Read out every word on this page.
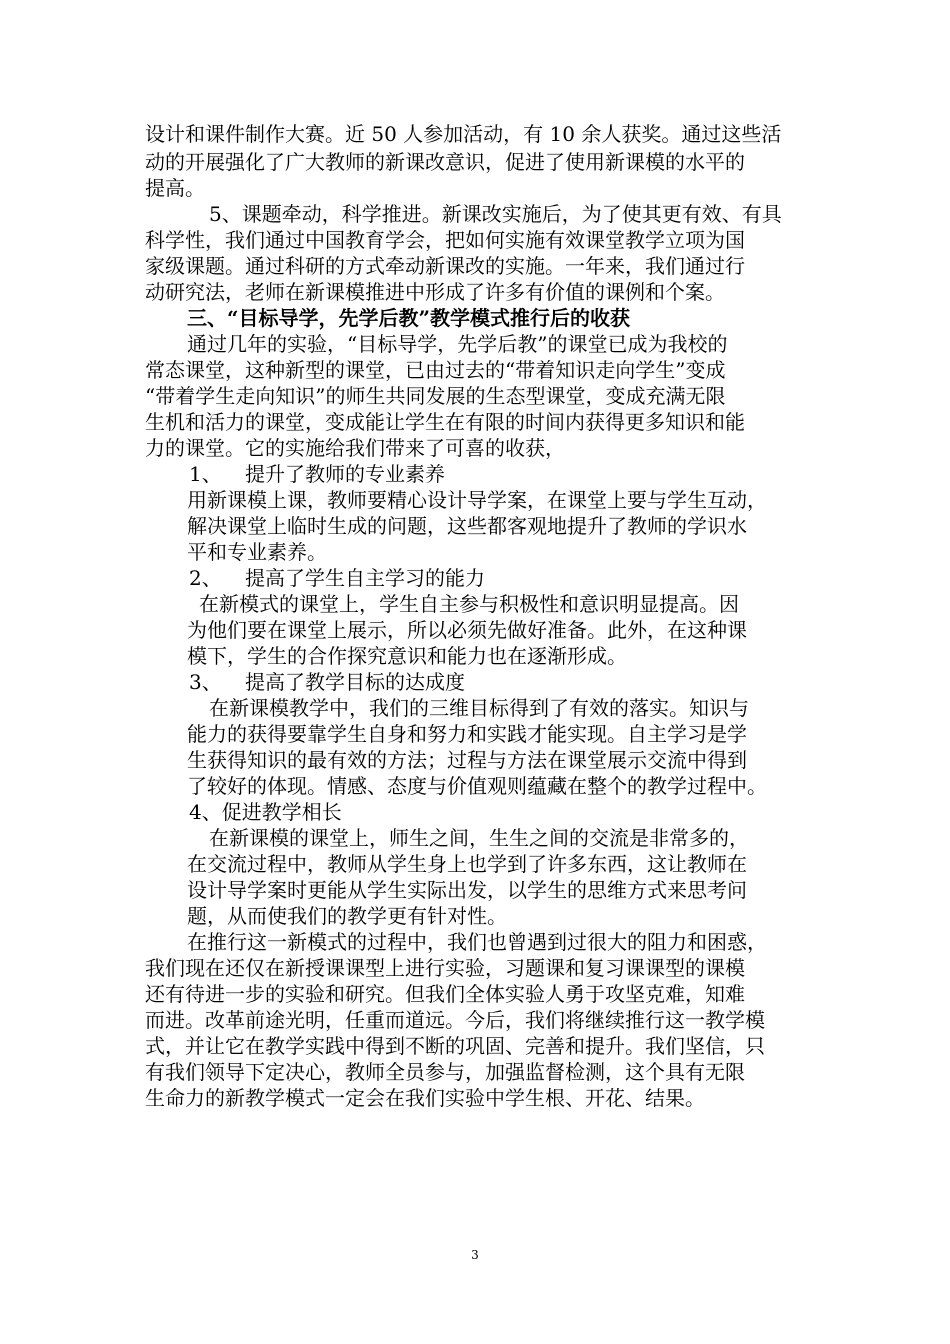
设计和课件制作大赛。近 50 人参加活动，有 10 余人获奖。通过这些活
动的开展强化了广大教师的新课改意识，促进了使用新课模的水平的
提高。
5、课题牵动，科学推进。新课改实施后，为了使其更有效、有具
科学性，我们通过中国教育学会，把如何实施有效课堂教学立项为国
家级课题。通过科研的方式牵动新课改的实施。一年来，我们通过行
动研究法，老师在新课模推进中形成了许多有价值的课例和个案。
三、“目标导学，先学后教”教学模式推行后的收获
通过几年的实验，“目标导学，先学后教”的课堂已成为我校的
常态课堂，这种新型的课堂，已由过去的“带着知识走向学生”变成
“带着学生走向知识”的师生共同发展的生态型课堂，变成充满无限
生机和活力的课堂，变成能让学生在有限的时间内获得更多知识和能
力的课堂。它的实施给我们带来了可喜的收获，
1、 提升了教师的专业素养
用新课模上课，教师要精心设计导学案，在课堂上要与学生互动，
解决课堂上临时生成的问题，这些都客观地提升了教师的学识水
平和专业素养。
2、 提高了学生自主学习的能力
在新模式的课堂上，学生自主参与积极性和意识明显提高。因
为他们要在课堂上展示，所以必须先做好准备。此外，在这种课
模下，学生的合作探究意识和能力也在逐渐形成。
3、 提高了教学目标的达成度
在新课模教学中，我们的三维目标得到了有效的落实。知识与
能力的获得要靠学生自身和努力和实践才能实现。自主学习是学
生获得知识的最有效的方法；过程与方法在课堂展示交流中得到
了较好的体现。情感、态度与价值观则蕴藏在整个的教学过程中。
4、促进教学相长
在新课模的课堂上，师生之间，生生之间的交流是非常多的，
在交流过程中，教师从学生身上也学到了许多东西，这让教师在
设计导学案时更能从学生实际出发，以学生的思维方式来思考问
题，从而使我们的教学更有针对性。
在推行这一新模式的过程中，我们也曾遇到过很大的阻力和困惑，
我们现在还仅在新授课课型上进行实验，习题课和复习课课型的课模
还有待进一步的实验和研究。但我们全体实验人勇于攻坚克难，知难
而进。改革前途光明，任重而道远。今后，我们将继续推行这一教学模
式，并让它在教学实践中得到不断的巩固、完善和提升。我们坚信，只
有我们领导下定决心，教师全员参与，加强监督检测，这个具有无限
生命力的新教学模式一定会在我们实验中学生根、开花、结果。
3
